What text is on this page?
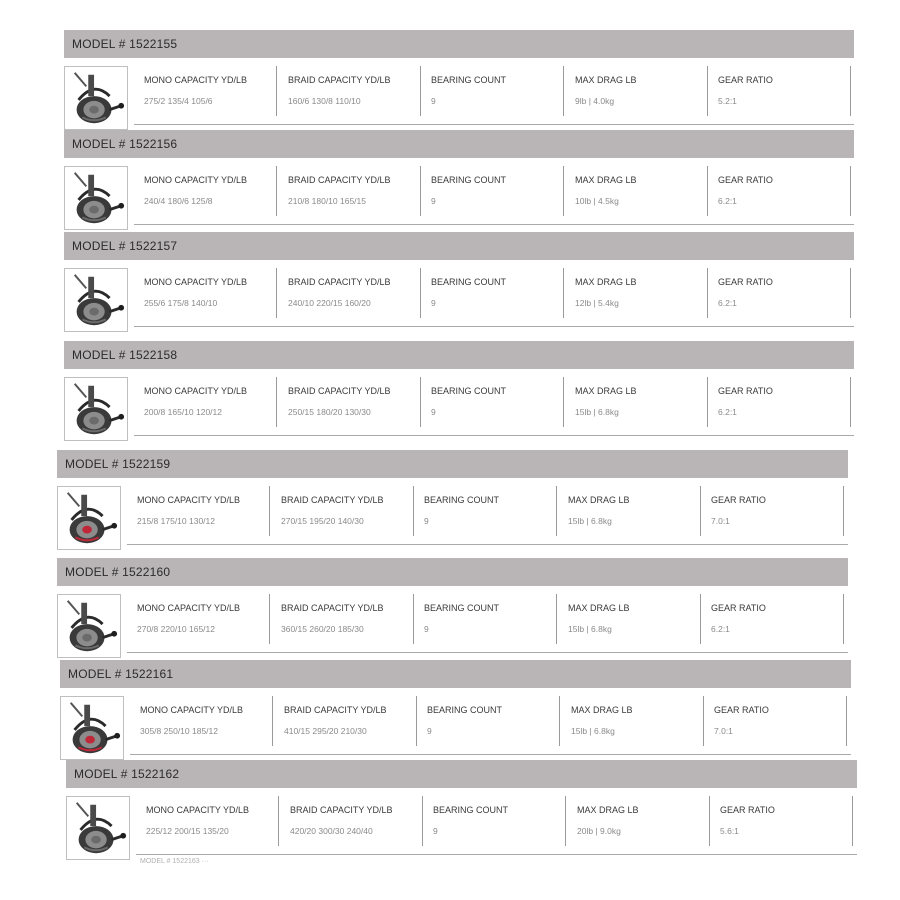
MODEL # 1522155
MONO CAPACITY YD/LB
275/2 135/4 105/6
BRAID CAPACITY YD/LB
160/6 130/8 110/10
BEARING COUNT
9
MAX DRAG LB
9lb | 4.0kg
GEAR RATIO
5.2:1
MODEL # 1522156
MONO CAPACITY YD/LB
240/4 180/6 125/8
BRAID CAPACITY YD/LB
210/8 180/10 165/15
BEARING COUNT
9
MAX DRAG LB
10lb | 4.5kg
GEAR RATIO
6.2:1
MODEL # 1522157
MONO CAPACITY YD/LB
255/6 175/8 140/10
BRAID CAPACITY YD/LB
240/10 220/15 160/20
BEARING COUNT
9
MAX DRAG LB
12lb | 5.4kg
GEAR RATIO
6.2:1
MODEL # 1522158
MONO CAPACITY YD/LB
200/8 165/10 120/12
BRAID CAPACITY YD/LB
250/15 180/20 130/30
BEARING COUNT
9
MAX DRAG LB
15lb | 6.8kg
GEAR RATIO
6.2:1
MODEL # 1522159
MONO CAPACITY YD/LB
215/8 175/10 130/12
BRAID CAPACITY YD/LB
270/15 195/20 140/30
BEARING COUNT
9
MAX DRAG LB
15lb | 6.8kg
GEAR RATIO
7.0:1
MODEL # 1522160
MONO CAPACITY YD/LB
270/8 220/10 165/12
BRAID CAPACITY YD/LB
360/15 260/20 185/30
BEARING COUNT
9
MAX DRAG LB
15lb | 6.8kg
GEAR RATIO
6.2:1
MODEL # 1522161
MONO CAPACITY YD/LB
305/8 250/10 185/12
BRAID CAPACITY YD/LB
410/15 295/20 210/30
BEARING COUNT
9
MAX DRAG LB
15lb | 6.8kg
GEAR RATIO
7.0:1
MODEL # 1522162
MONO CAPACITY YD/LB
225/12 200/15 135/20
BRAID CAPACITY YD/LB
420/20 300/30 240/40
BEARING COUNT
9
MAX DRAG LB
20lb | 9.0kg
GEAR RATIO
5.6:1
MODEL # 1522163 ···
